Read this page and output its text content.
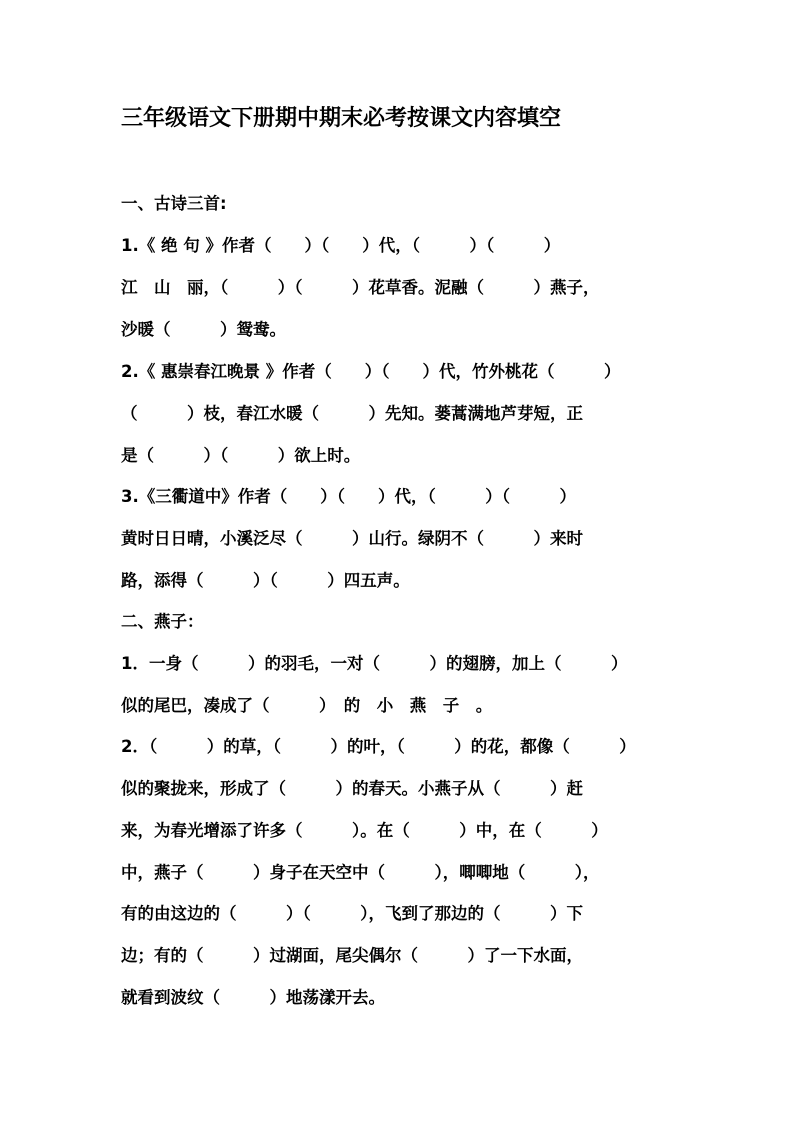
三年级语文下册期中期末必考按课文内容填空
一、古诗三首:
1.《 绝 句 》作者（　　）（　　）代，（　　　）（　　　）
江　山　丽，（　　　）（　　　）花草香。泥融（　　　）燕子，
沙暖（　　　）鸳鸯。
2.《 惠崇春江晚景 》作者（　　）（　　）代，竹外桃花（　　　）
（　　　）枝，春江水暖（　　　）先知。蒌蒿满地芦芽短，正
是（　　　）（　　　）欲上时。
3.《三衢道中》作者（　　）（　　）代，（　　　）（　　　）
黄时日日晴，小溪泛尽（　　　）山行。绿阴不（　　　）来时
路，添得（　　　）（　　　）四五声。
二、燕子：
1．一身（　　　）的羽毛，一对（　　　）的翅膀，加上（　　　）
似的尾巴，凑成了（　　　）　的　小　燕　子　。
2．（　　　）的草，（　　　）的叶，（　　　）的花，都像（　　　）
似的聚拢来，形成了（　　　）的春天。小燕子从（　　　）赶
来，为春光增添了许多（　　　）。在（　　　）中，在（　　　）
中，燕子（　　　）身子在天空中（　　　），唧唧地（　　　），
有的由这边的（　　　）（　　　），飞到了那边的（　　　）下
边；有的（　　　）过湖面，尾尖偶尔（　　　）了一下水面，
就看到波纹（　　　）地荡漾开去。
